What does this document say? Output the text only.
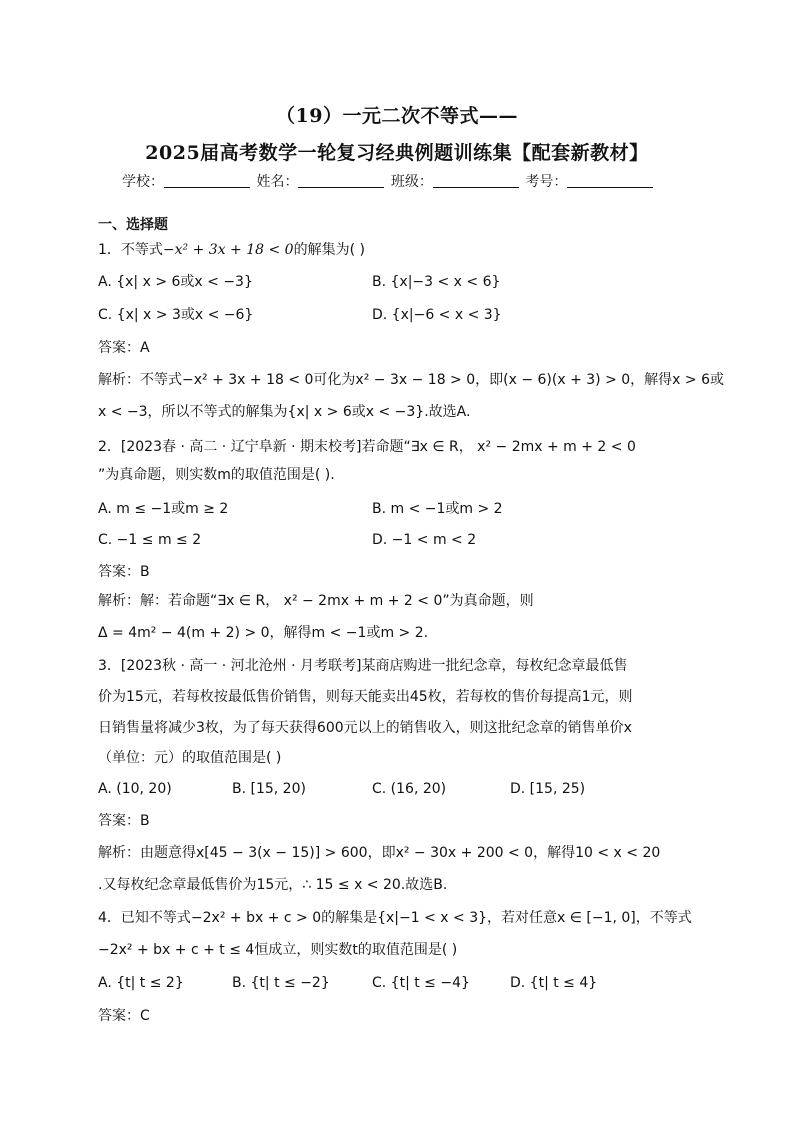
（19）一元二次不等式——
2025届高考数学一轮复习经典例题训练集【配套新教材】
学校：	姓名：	班级：	考号：
一、选择题
1．不等式−x² + 3x + 18 < 0的解集为( )
A. {x| x > 6或x < −3}	B. {x|−3 < x < 6}
C. {x| x > 3或x < −6}	D. {x|−6 < x < 3}
答案：A
解析：不等式−x² + 3x + 18 < 0可化为x² − 3x − 18 > 0，即(x − 6)(x + 3) > 0，解得x > 6或
x < −3，所以不等式的解集为{x| x > 6或x < −3}.故选A.
2．[2023春 · 高二 · 辽宁阜新 · 期末校考]若命题“∃x ∈ R， x² − 2mx + m + 2 < 0
”为真命题，则实数m的取值范围是( ).
A. m ≤ −1或m ≥ 2	B. m < −1或m > 2
C. −1 ≤ m ≤ 2	D. −1 < m < 2
答案：B
解析：解：若命题“∃x ∈ R， x² − 2mx + m + 2 < 0”为真命题，则
Δ = 4m² − 4(m + 2) > 0，解得m < −1或m > 2.
3．[2023秋 · 高一 · 河北沧州 · 月考联考]某商店购进一批纪念章，每枚纪念章最低售
价为15元，若每枚按最低售价销售，则每天能卖出45枚，若每枚的售价每提高1元，则
日销售量将减少3枚，为了每天获得600元以上的销售收入，则这批纪念章的销售单价x
（单位：元）的取值范围是( )
A. (10, 20)	B. [15, 20)	C. (16, 20)	D. [15, 25)
答案：B
解析：由题意得x[45 − 3(x − 15)] > 600，即x² − 30x + 200 < 0，解得10 < x < 20
.又每枚纪念章最低售价为15元，∴ 15 ≤ x < 20.故选B.
4．已知不等式−2x² + bx + c > 0的解集是{x|−1 < x < 3}，若对任意x ∈ [−1, 0]，不等式
−2x² + bx + c + t ≤ 4恒成立，则实数t的取值范围是( )
A. {t| t ≤ 2}	B. {t| t ≤ −2}	C. {t| t ≤ −4}	D. {t| t ≤ 4}
答案：C
